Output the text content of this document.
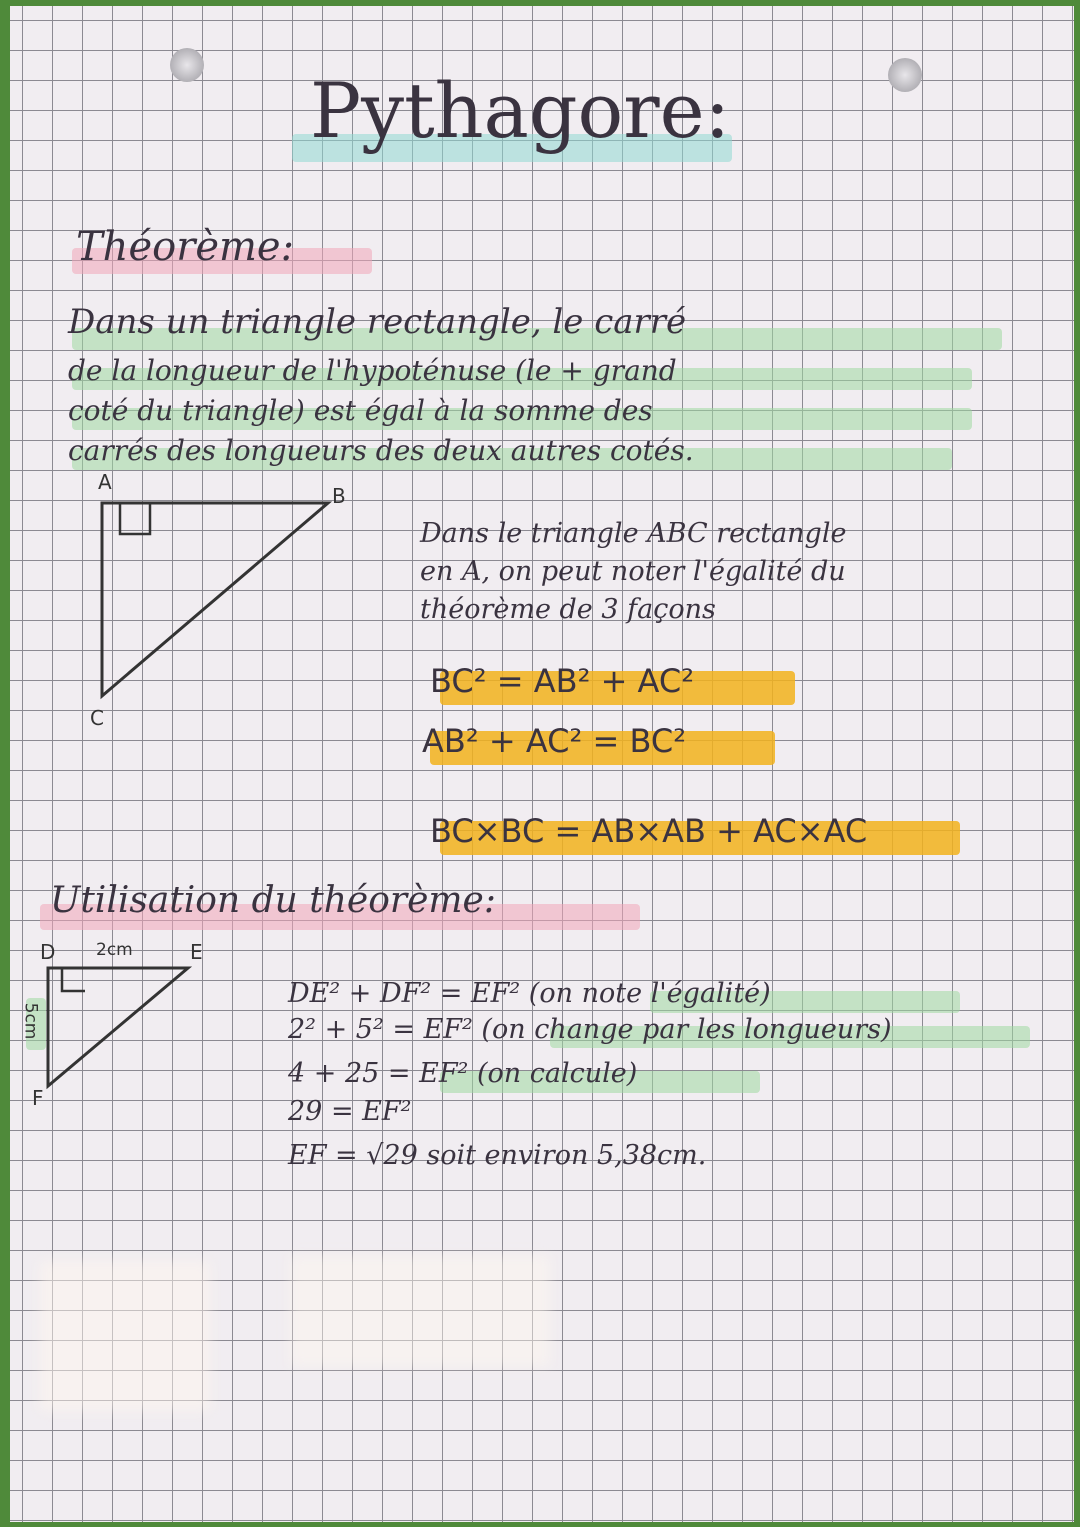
Pythagore:
Théorème:
Dans un triangle rectangle, le carré
de la longueur de l'hypoténuse (le + grand
coté du triangle) est égal à la somme des
carrés des longueurs des deux autres cotés.
A
B
C
Dans le triangle ABC rectangle
en A, on peut noter l'égalité du
théorème de 3 façons
BC² = AB² + AC²
AB² + AC² = BC²
BC×BC = AB×AB + AC×AC
Utilisation du théorème:
D 2cm	E
5cm
F
DE² + DF² = EF² (on note l'égalité)
2² + 5² = EF² (on change par les longueurs)
4 + 25 = EF² (on calcule)
29 = EF²
EF = √29 soit environ 5,38cm.
